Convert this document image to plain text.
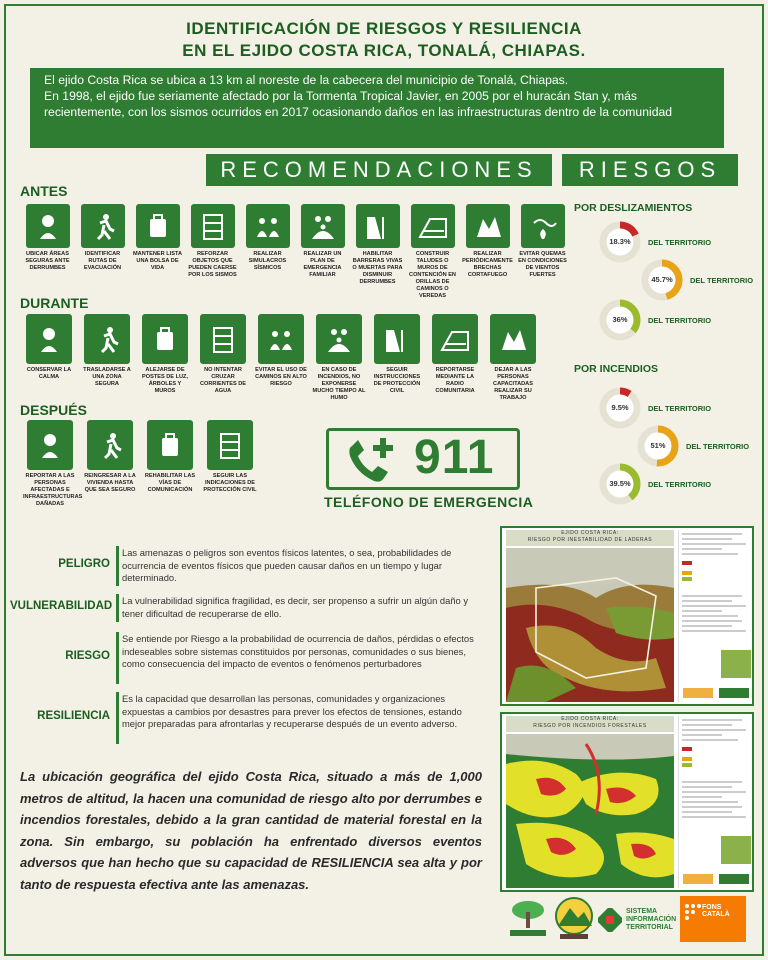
IDENTIFICACIÓN DE RIESGOS Y RESILIENCIA
EN EL EJIDO COSTA RICA, TONALÁ, CHIAPAS.

El ejido Costa Rica se ubica a 13 km al noreste de la cabecera del municipio de Tonalá, Chiapas.

En 1998, el ejido fue seriamente afectado por la Tormenta Tropical Javier, en 2005 por el huracán Stan y, más recientemente, con los sismos ocurridos en 2017 ocasionando daños en las infraestructuras dentro de la comunidad

RECOMENDACIONES	RIESGOS
ANTES
UBICAR ÁREAS SEGURAS ANTE DERRUMBES
IDENTIFICAR RUTAS DE EVACUACIÓN
MANTENER LISTA UNA BOLSA DE VIDA
REFORZAR OBJETOS QUE PUEDEN CAERSE POR LOS SISMOS
REALIZAR SIMULACROS SÍSMICOS
REALIZAR UN PLAN DE EMERGENCIA FAMILIAR
HABILITAR BARRERAS VIVAS O MUERTAS PARA DISMINUIR DERRUMBES
CONSTRUIR TALUDES O MUROS DE CONTENCIÓN EN ORILLAS DE CAMINOS O VEREDAS
REALIZAR PERIÓDICAMENTE BRECHAS CORTAFUEGO
EVITAR QUEMAS EN CONDICIONES DE VIENTOS FUERTES
DURANTE
CONSERVAR LA CALMA
TRASLADARSE A UNA ZONA SEGURA
ALEJARSE DE POSTES DE LUZ, ÁRBOLES Y MUROS
NO INTENTAR CRUZAR CORRIENTES DE AGUA
EVITAR EL USO DE CAMINOS EN ALTO RIESGO
EN CASO DE INCENDIOS, NO EXPONERSE MUCHO TIEMPO AL HUMO
SEGUIR INSTRUCCIONES DE PROTECCIÓN CIVIL
REPORTARSE MEDIANTE LA RADIO COMUNITARIA
DEJAR A LAS PERSONAS CAPACITADAS REALIZAR SU TRABAJO
DESPUÉS
REPORTAR A LAS PERSONAS AFECTADAS E INFRAESTRUCTURAS DAÑADAS
REINGRESAR A LA VIVIENDA HASTA QUE SEA SEGURO
REHABILITAR LAS VÍAS DE COMUNICACIÓN
SEGUIR LAS INDICACIONES DE PROTECCIÓN CIVIL
911
TELÉFONO DE EMERGENCIA
POR DESLIZAMIENTOS
18.3%	DEL TERRITORIO
45.7%	DEL TERRITORIO
36%	DEL TERRITORIO
POR INCENDIOS
9.5%	DEL TERRITORIO
51%	DEL TERRITORIO
39.5%	DEL TERRITORIO
PELIGRO
Las amenazas o peligros son eventos físicos latentes, o sea, probabilidades de ocurrencia de eventos físicos que pueden causar daños en un tiempo y lugar determinado.
VULNERABILIDAD La vulnerabilidad significa fragilidad, es decir, ser propenso a sufrir un algún daño y tener dificultad de recuperarse de ello.
RIESGO
Se entiende por Riesgo a la probabilidad de ocurrencia de daños, pérdidas o efectos indeseables sobre sistemas constituidos por personas, comunidades o sus bienes, como consecuencia del impacto de eventos o fenómenos perturbadores
RESILIENCIA
Es la capacidad que desarrollan las personas, comunidades y organizaciones expuestas a cambios por desastres para prever los efectos de tensiones, estando mejor preparadas para afrontarlas y recuperarse después de un evento adverso.
La ubicación geográfica del ejido Costa Rica, situado a más de 1,000 metros de altitud, la hacen una comunidad de riesgo alto por derrumbes e incendios forestales, debido a la gran cantidad de material forestal en la zona. Sin embargo, su población ha enfrentado diversos eventos adversos que han hecho que su capacidad de RESILIENCIA sea alta y por tanto de respuesta efectiva ante las amenazas.
EJIDO COSTA RICA:
RIESGO POR INESTABILIDAD DE LADERAS
EJIDO COSTA RICA:
RIESGO POR INCENDIOS FORESTALES
SISTEMA
INFORMACIÓN
TERRITORIAL
FONS CATALÀ
